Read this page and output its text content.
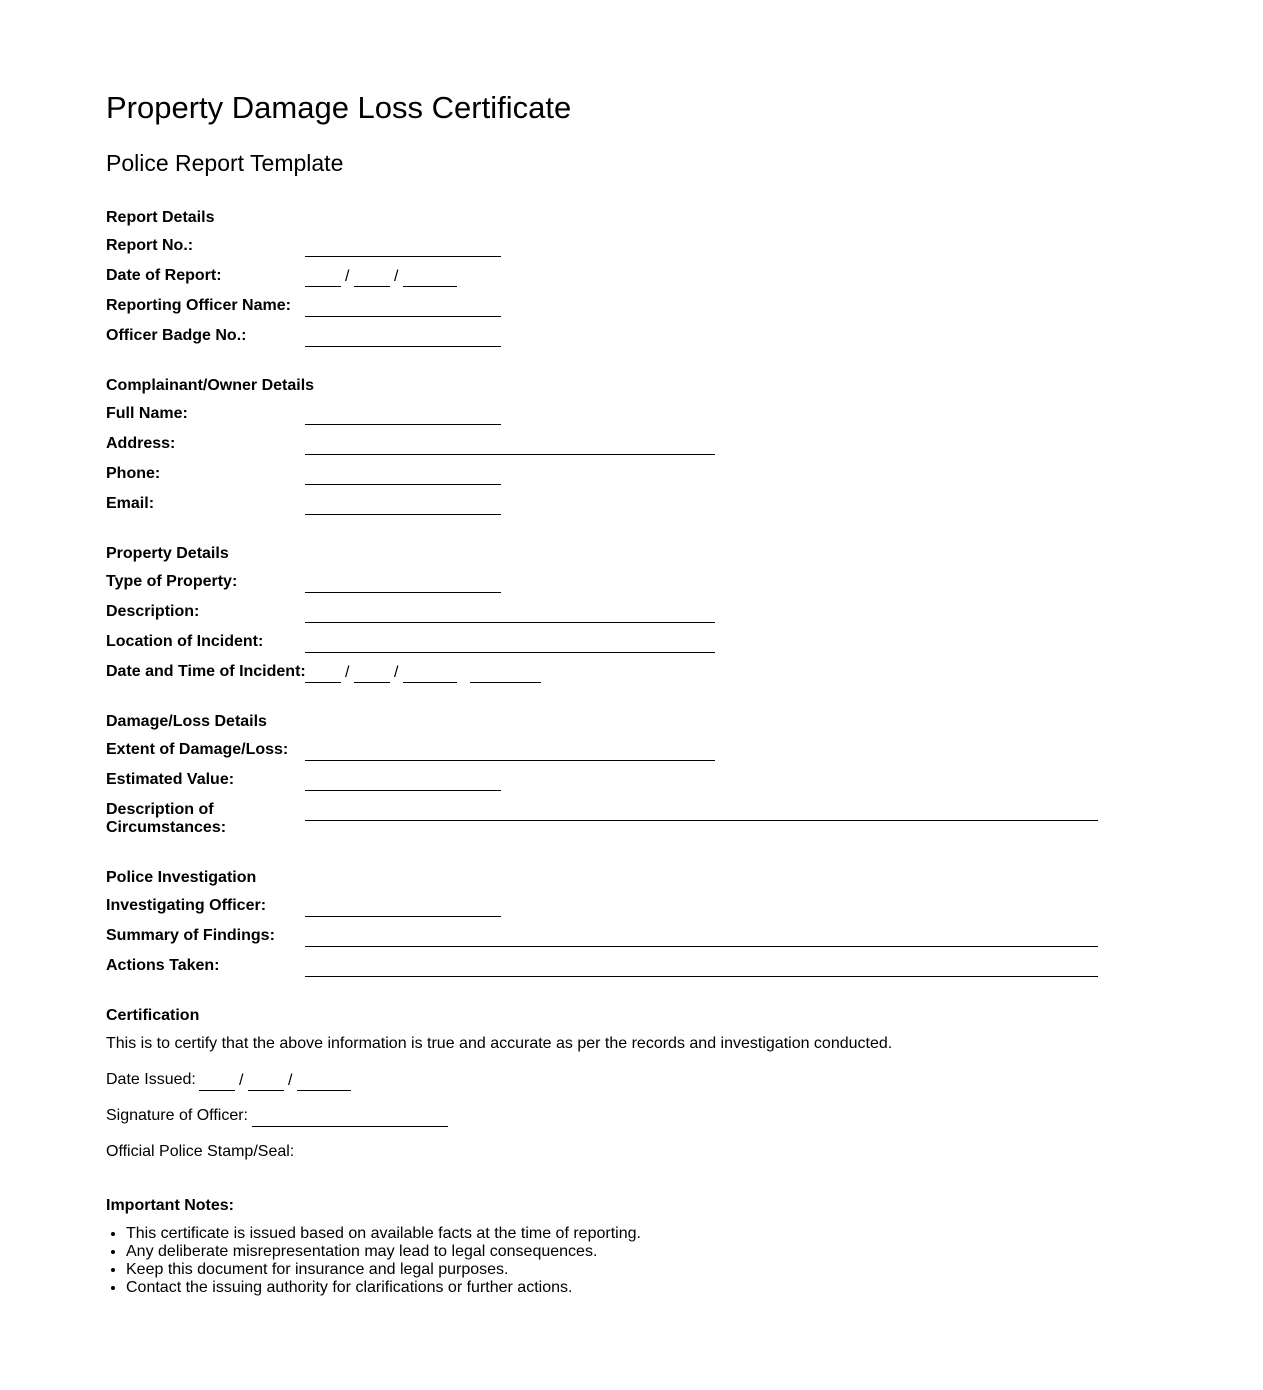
Property Damage Loss Certificate
Police Report Template
Report Details
Report No.:
Date of Report:	/	/
Reporting Officer Name:
Officer Badge No.:
Complainant/Owner Details
Full Name:
Address:
Phone:
Email:
Property Details
Type of Property:
Description:
Location of Incident:
Date and Time of Incident: /	/
Damage/Loss Details
Extent of Damage/Loss:
Estimated Value:
Description of Circumstances:
Police Investigation
Investigating Officer:
Summary of Findings:
Actions Taken:
Certification
This is to certify that the above information is true and accurate as per the records and investigation conducted.
Date Issued:	/	/
Signature of Officer:
Official Police Stamp/Seal:
Important Notes:
• This certificate is issued based on available facts at the time of reporting.
• Any deliberate misrepresentation may lead to legal consequences.
• Keep this document for insurance and legal purposes.
• Contact the issuing authority for clarifications or further actions.
